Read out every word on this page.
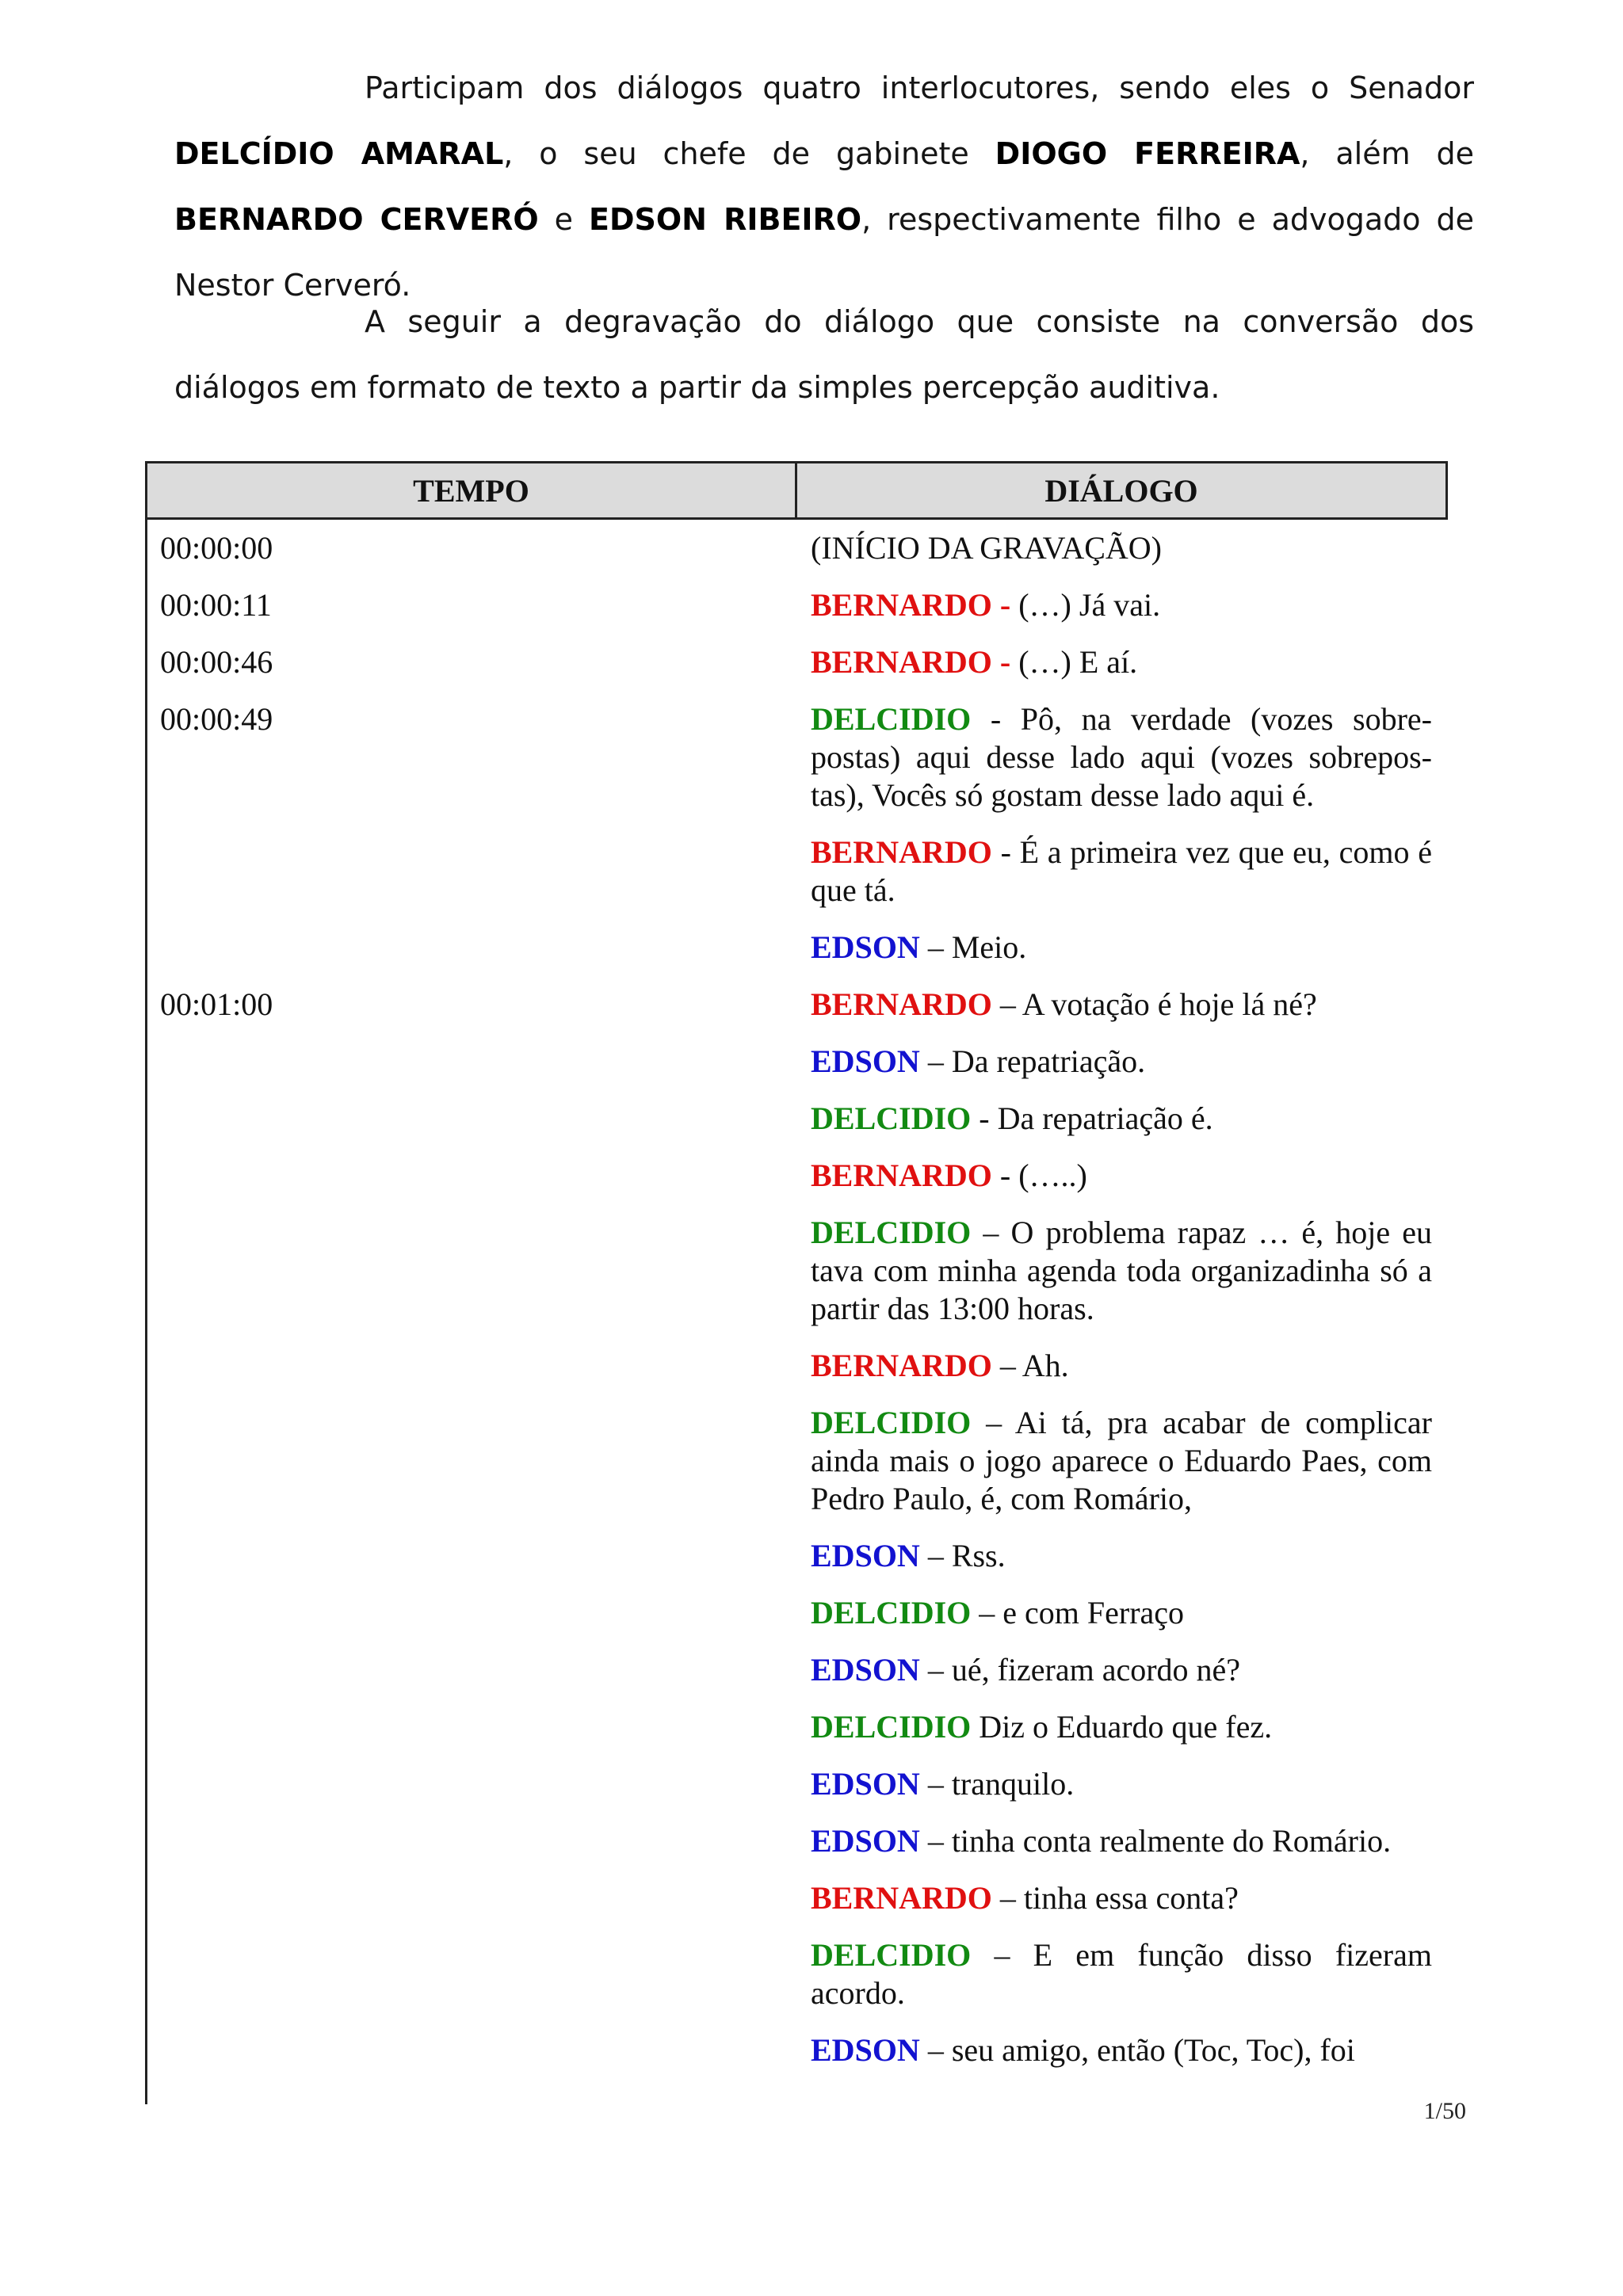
Participam dos diálogos quatro interlocutores, sendo eles o Senador DELCÍDIO AMARAL, o seu chefe de gabinete DIOGO FERREIRA, além de BERNARDO CERVERÓ e EDSON RIBEIRO, respectivamente filho e advogado de Nestor Cerveró.

A seguir a degravação do diálogo que consiste na conversão dos diálogos em formato de texto a partir da simples percepção auditiva.

TEMPO	DIÁLOGO
00:00:00	(INÍCIO DA GRAVAÇÃO)
00:00:11	BERNARDO - (…) Já vai.
00:00:46	BERNARDO - (…) E aí.
00:00:49	DELCIDIO - Pô, na verdade (vozes sobre-postas) aqui desse lado aqui (vozes sobrepos-tas), Vocês só gostam desse lado aqui é.
BERNARDO - É a primeira vez que eu, como é que tá.
EDSON – Meio.
00:01:00	BERNARDO – A votação é hoje lá né?
EDSON – Da repatriação.
DELCIDIO - Da repatriação é.
BERNARDO - (…..)
DELCIDIO – O problema rapaz … é, hoje eu tava com minha agenda toda organizadinha só a partir das 13:00 horas.
BERNARDO – Ah.
DELCIDIO – Ai tá, pra acabar de complicar ainda mais o jogo aparece o Eduardo Paes, com Pedro Paulo, é, com Romário,
EDSON – Rss.
DELCIDIO – e com Ferraço
EDSON – ué, fizeram acordo né?
DELCIDIO Diz o Eduardo que fez.
EDSON – tranquilo.
EDSON – tinha conta realmente do Romário.
BERNARDO – tinha essa conta?
DELCIDIO – E em função disso fizeram acordo.
EDSON – seu amigo, então (Toc, Toc), foi
1/50
